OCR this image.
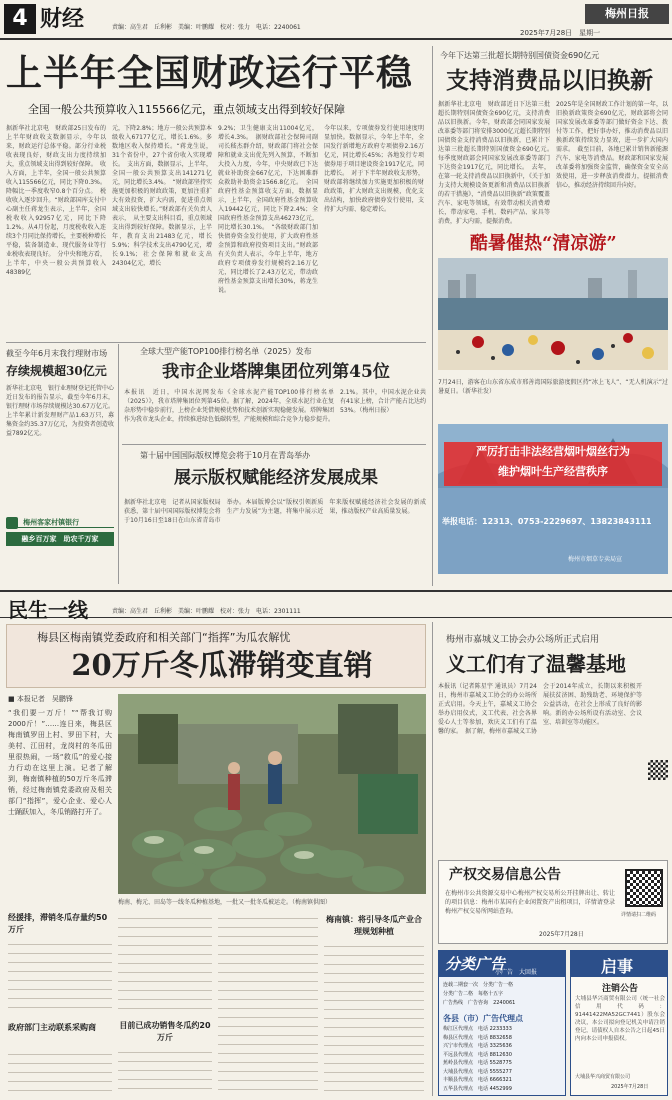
4 财经	责编：高生君　丘利彬　美编：叶鹏耀　校对：张力　电话：2240061
梅州日报
2025年7月28日　星期一
上半年全国财政运行平稳
全国一般公共预算收入115566亿元，重点领域支出得到较好保障
据新华社北京电　财政部25日发布的上半年财政收支数据显示，今年以来，财政运行总体平稳。部分行业税收表现良好，财政支出力度持续加大，重点领域支出得到较好保障。　收入方面，上半年，全国一般公共预算收入115566亿元，同比下降0.3%。降幅比一季度收窄0.8个百分点。　税收收入逐步回升。“财政部国库支付中心副主任蒋龙生表示，上半年，全国税收收入92957亿元，同比下降1.2%。从4月份起，月度税收收入连续3个月同比保持增长，主要税种增长平稳，装备制造业、现代服务业等行业税收表现良好。　分中央和地方看，上半年，中央一般公共预算收入48389亿
元，下降2.8%；地方一般公共预算本级收入67177亿元，增长1.6%。多数地区收入保持增长。“蒋龙生说，31个省份中，27个省份收入实现增长。　支出方面，数据显示，上半年，全国一般公共预算支出141271亿元，同比增长3.4%。　“财政部坚持实施更加积极的财政政策，更加注重扩大有效投资，扩大内需，促进重点领域支出较快增长。”财政部有关负责人表示，　从主要支出科目看，重点领域支出得到较好保障。数据显示，上半年，教育支出21483亿元，增长5.9%；科学技术支出4790亿元，增长9.1%；社会保障和就业支出24304亿元，增长
9.2%；卫生健康支出11004亿元，增长4.3%。　据财政部社会保障司副司长嵇杰群介绍，财政部门将社会保障和就业支出优先列入预算，不断加大投入力度，今年，中央财政已下达就业补助资金667亿元，下达困难群众救助补助资金1566.8亿元。　全国政府性基金预算收支方面，数据显示，上半年，全国政府性基金预算收入19442亿元，同比下降2.4%；全国政府性基金预算支出46273亿元，同比增长30.1%。　“各级财政部门加快债券资金发行使用，扩大政府性基金预算和政府投资项目支出。”财政部有关负责人表示，今年上半年，地方政府专项债券发行规模约2.16万亿元，同比增长了2.43万亿元，带动政府性基金预算支出增长30%，蒋龙生说。
今年以来，专项债券发行使用速度明显加快。数据显示，今年上半年，全国发行新增地方政府专项债券2.16万亿元，同比增长45%；各地发行专项债券用于项目建设资金1917亿元，同比增长。　对于下半年财政收支形势，财政部将继续加力实施更加积极的财政政策，扩大财政支出规模，优化支出结构，加快政府债券发行使用，支持扩大内需、稳定增长。
今年下达第三批超长期特别国债资金690亿元
支持消费品以旧换新
据新华社北京电　财政部近日下达第三批超长期特别国债资金690亿元，支持消费品以旧换新。今年，财政部会同国家发展改革委等部门将安排3000亿元超长期特别国债资金支持消费品以旧换新，已累计下达第三批超长期特别国债资金690亿元。　每季度财政部会同国家发展改革委等部门下达资金1917亿元，同比增长。　去年，在第一轮支持消费品以旧换新中，《关于加力支持大规模设备更新和消费品以旧换新的若干措施》，“消费品以旧换新”政策覆盖汽车、家电等领域，有效带动相关消费增长，带动家电、手机、数码产品、家具等消费，扩大内需，提振消费。
2025年是全国财政工作计划的第一年，以旧换新政策资金690亿元，财政部将会同国家发展改革委等部门做好资金下达、拨付等工作，把好事办好，推动消费品以旧换新政策持续发力显效，进一步扩大国内需求。　截至目前，各地已累计销售新能源汽车、家电等消费品。财政部和国家发展改革委将加强资金监管，确保资金安全高效使用，进一步释放消费潜力，提振消费信心，推动经济持续回升向好。
酷暑催热“清凉游”
7月24日，游客在山东省东成市邢善湾国际旅游度假区持“冰上飞人”、“无人机演示”过暑夏日。（新华社发）
严厉打击非法经营烟叶烟丝行为
维护烟叶生产经营秩序
举报电话：12313、0753-2229697、13823843111
梅州市烟草专卖局宣
截至今年6月末我行理财市场
存续规模超30亿元
新华社北京电　银行业理财登记托管中心近日发布的报告显示，截至今年6月末，银行理财市场存续规模达30.67万亿元。上半年累计新发理财产品1.63万只，募集资金约35.37万亿元，为投资者创造收益7892亿元。
梅州客家村镇银行
融乡百万家　助农千万家
全球大型产能TOP100排行榜名单（2025）发布
我市企业塔牌集团位列第45位
本报讯　近日，中国水泥网发布《全球水泥产能TOP100排行榜名单（2025）》，我市塔牌集团位列第45位。据了解，2024年，全球水泥行业在复杂形势中稳步前行，上榜企业凭借规模优势和技术创新实现稳健发展。塔牌集团作为我市龙头企业，持续推进绿色低碳转型，产能规模和综合竞争力稳步提升。
2.1%。其中，中国水泥企业共有41家上榜，合计产能占比达约53%。（梅州日报）
第十届中国国际版权博览会将于10月在青岛举办
展示版权赋能经济发展成果
据新华社北京电　记者从国家版权局获悉，第十届中国国际版权博览会将于10月16日至18日在山东省青岛市举办。本届版博会以“版权引领新质生产力发展”为主题，将集中展示近年来版权赋能经济社会发展的新成果，推动版权产业高质量发展。
民生一线	责编：高生君　丘利彬　美编：叶鹏耀　校对：张力　电话：2301111
梅县区梅南镇党委政府和相关部门“指挥”为瓜农解忧
20万斤冬瓜滞销变直销
■ 本报记者　吴鹏锋
“我们要一万斤！”“帮我订购2000斤！”……连日来，梅县区梅南镇罗田上村、罗田下村，大美村、江田村，龙岗村的冬瓜田里很热闹，一场“救瓜”的爱心接力行动在这里上演。记者了解到，梅南镇种植的50万斤冬瓜滞销，经过梅南镇党委政府及相关部门“指挥”，爱心企业、爱心人士踊跃加入，冬瓜销路打开了。
梅南、梅元、田岛等一线冬瓜种植基地，一批又一批冬瓜被运走。（梅南镇供图）
经援排，滞销冬瓜存量约50万斤
政府部门主动联系采购商	目前已成功销售冬瓜约20万斤
梅南镇：将引导冬瓜产业合理规划种植
梅州市嘉城义工协会办公场所正式启用
义工们有了温馨基地
本报讯（记者陈星宇 通讯员）7月24日，梅州市嘉城义工协会的办公场所正式启用。今天上午，嘉城义工协会举办启用仪式，义工代表、社会各界爱心人士等参加，欢庆义工们有了温馨的家。　据了解，梅州市嘉城义工协会于2014年成立，长期以来积极开展扶贫济困、助残助老、环境保护等公益活动，在社会上形成了良好的影响。新的办公场所设有活动室、会议室、培训室等功能区。
产权交易信息公告
在梅州市公共资源交易中心梅州产权交易所公开挂牌出让、转让的项目信息：梅州市某国有企业闲置资产出租项目，详情请登录梅州产权交易所网站查询。
2025年7月28日
详情请扫二维码
分类广告
小广告　大回报
连载二期套一次　 分类广告一格
分类广告二格　 每格十五字
广告热线　 广告咨询　 2240061
各县（市）广告代理点
梅江区代理点　 电话 2233333
梅县区代理点　 电话 8832658
兴宁市代理点　 电话 3325636
平远县代理点　 电话 8812630
蕉岭县代理点　 电话 5528775
大埔县代理点　 电话 5555277
丰顺县代理点　 电话 6666321
五华县代理点　 电话 4452999
启事
注销公告
大埔县华兴商贸有限公司（统一社会信用代码：91441422MA52GC7441）股东会决议，本公司拟向登记机关申请注销登记，请债权人自本公告之日起45日内向本公司申报债权。
大埔县华兴商贸有限公司
2025年7月28日
